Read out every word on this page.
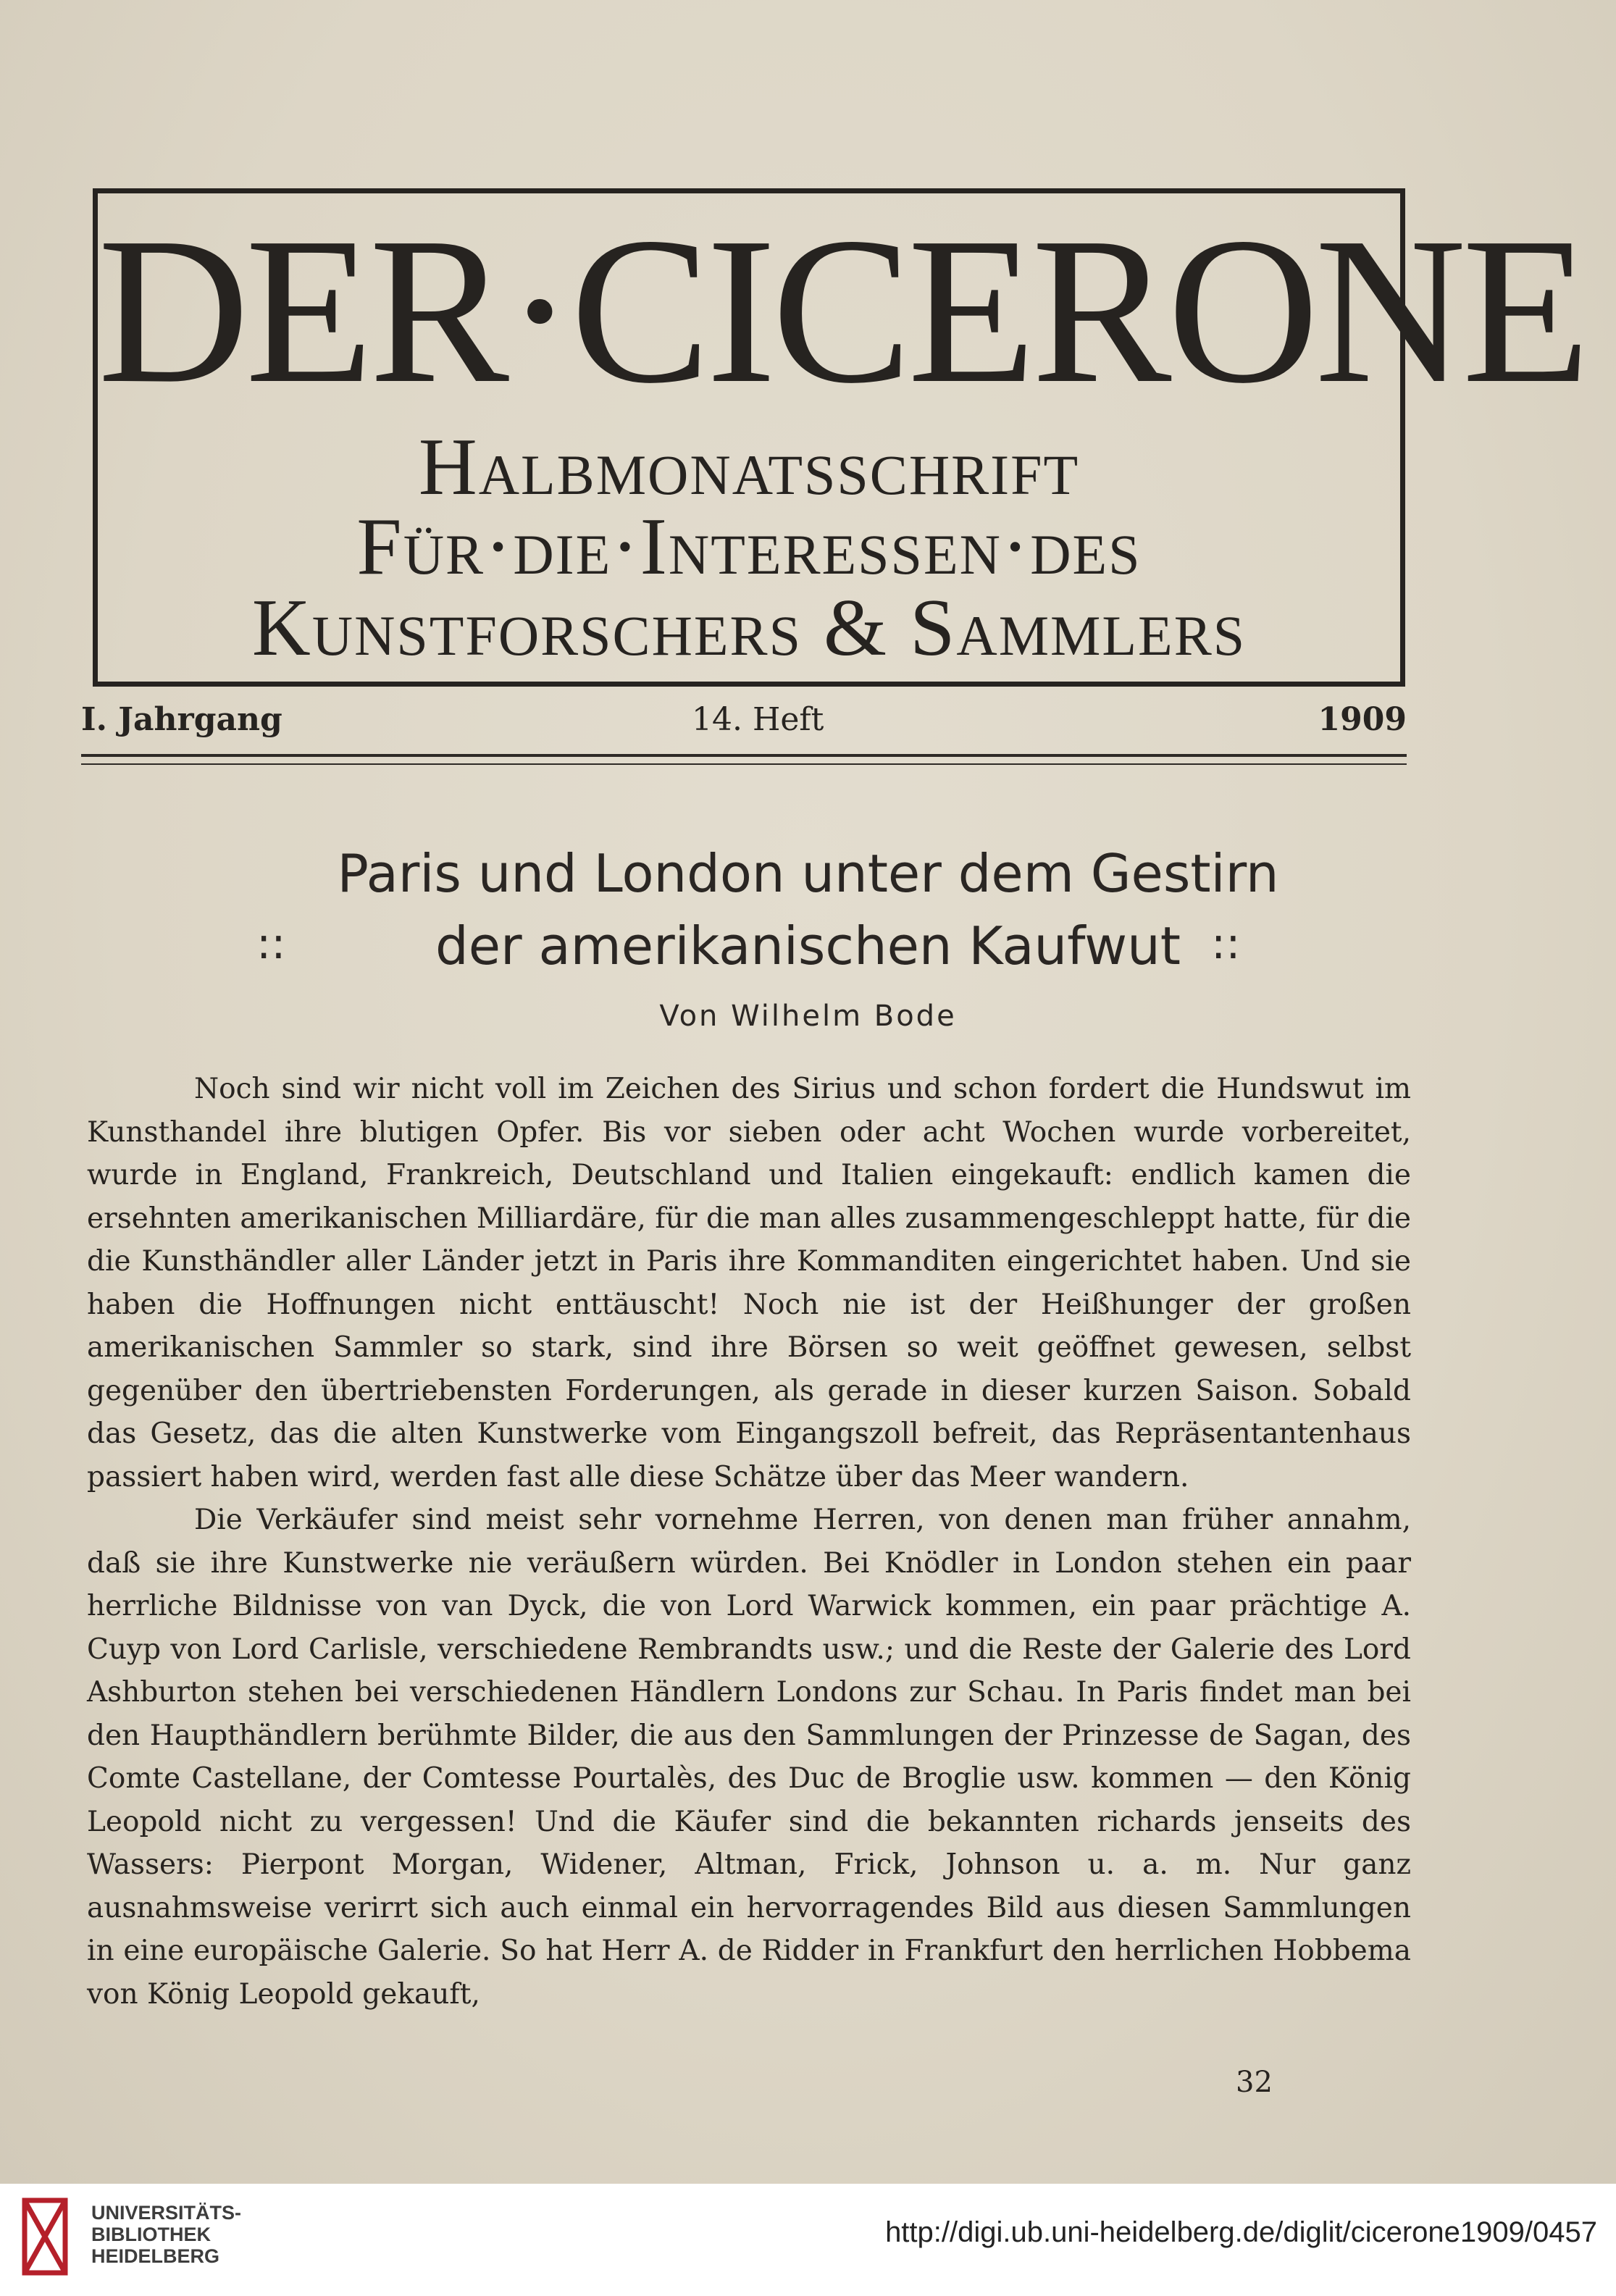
DER·CICERONE
Halbmonatsschrift
Für·die·Interessen·des
Kunstforschers & Sammlers
I. Jahrgang	14. Heft	1909
Paris und London unter dem Gestirn
::	der amerikanischen Kaufwut ::
Von Wilhelm Bode

Noch sind wir nicht voll im Zeichen des Sirius und schon fordert die Hundswut im Kunsthandel ihre blutigen Opfer. Bis vor sieben oder acht Wochen wurde vorbereitet, wurde in England, Frankreich, Deutschland und Italien eingekauft: endlich kamen die ersehnten amerikanischen Milliardäre, für die man alles zusammengeschleppt hatte, für die die Kunsthändler aller Länder jetzt in Paris ihre Kommanditen eingerichtet haben. Und sie haben die Hoffnungen nicht enttäuscht! Noch nie ist der Heißhunger der großen amerikanischen Sammler so stark, sind ihre Börsen so weit geöffnet gewesen, selbst gegenüber den übertriebensten Forderungen, als gerade in dieser kurzen Saison. Sobald das Gesetz, das die alten Kunstwerke vom Eingangszoll befreit, das Repräsentantenhaus passiert haben wird, werden fast alle diese Schätze über das Meer wandern.

Die Verkäufer sind meist sehr vornehme Herren, von denen man früher annahm, daß sie ihre Kunstwerke nie veräußern würden. Bei Knödler in London stehen ein paar herrliche Bildnisse von van Dyck, die von Lord Warwick kommen, ein paar prächtige A. Cuyp von Lord Carlisle, verschiedene Rembrandts usw.; und die Reste der Galerie des Lord Ashburton stehen bei verschiedenen Händlern Londons zur Schau. In Paris findet man bei den Haupthändlern berühmte Bilder, die aus den Sammlungen der Prinzesse de Sagan, des Comte Castellane, der Comtesse Pourtalès, des Duc de Broglie usw. kommen — den König Leopold nicht zu vergessen! Und die Käufer sind die bekannten richards jenseits des Wassers: Pierpont Morgan, Widener, Altman, Frick, Johnson u. a. m. Nur ganz ausnahmsweise verirrt sich auch einmal ein hervorragendes Bild aus diesen Sammlungen in eine europäische Galerie. So hat Herr A. de Ridder in Frankfurt den herrlichen Hobbema von König Leopold gekauft,

32
UNIVERSITÄTS-
BIBLIOTHEK
HEIDELBERG
http://digi.ub.uni-heidelberg.de/diglit/cicerone1909/0457
